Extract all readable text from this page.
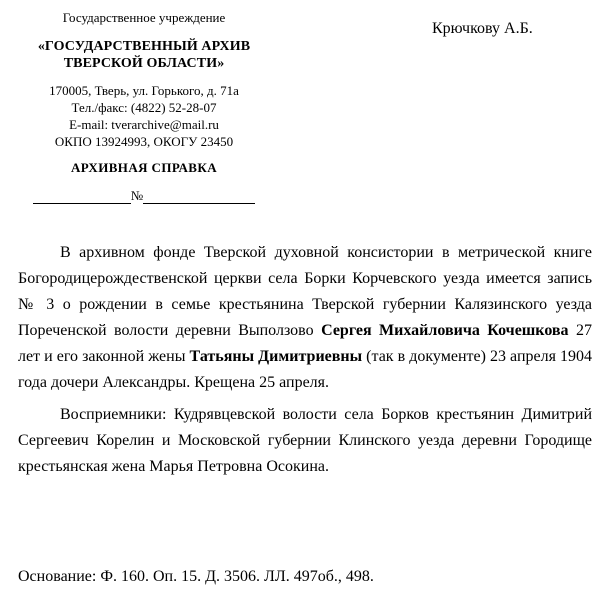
Государственное учреждение
«ГОСУДАРСТВЕННЫЙ АРХИВ
ТВЕРСКОЙ ОБЛАСТИ»
170005, Тверь, ул. Горького, д. 71а
Тел./факс: (4822) 52-28-07
E-mail: tverarchive@mail.ru
ОКПО 13924993, ОКОГУ 23450
АРХИВНАЯ СПРАВКА
№
Крючкову А.Б.

В архивном фонде Тверской духовной консистории в метрической книге Богородицерождественской церкви села Борки Корчевского уезда имеется запись № 3 о рождении в семье крестьянина Тверской губернии Калязинского уезда Пореченской волости деревни Выползово Сергея Михайловича Кочешкова 27 лет и его законной жены Татьяны Димитриевны (так в документе) 23 апреля 1904 года дочери Александры. Крещена 25 апреля.

Восприемники: Кудрявцевской волости села Борков крестьянин Димитрий Сергеевич Корелин и Московской губернии Клинского уезда деревни Городище крестьянская жена Марья Петровна Осокина.

Основание: Ф. 160. Оп. 15. Д. 3506. ЛЛ. 497об., 498.
